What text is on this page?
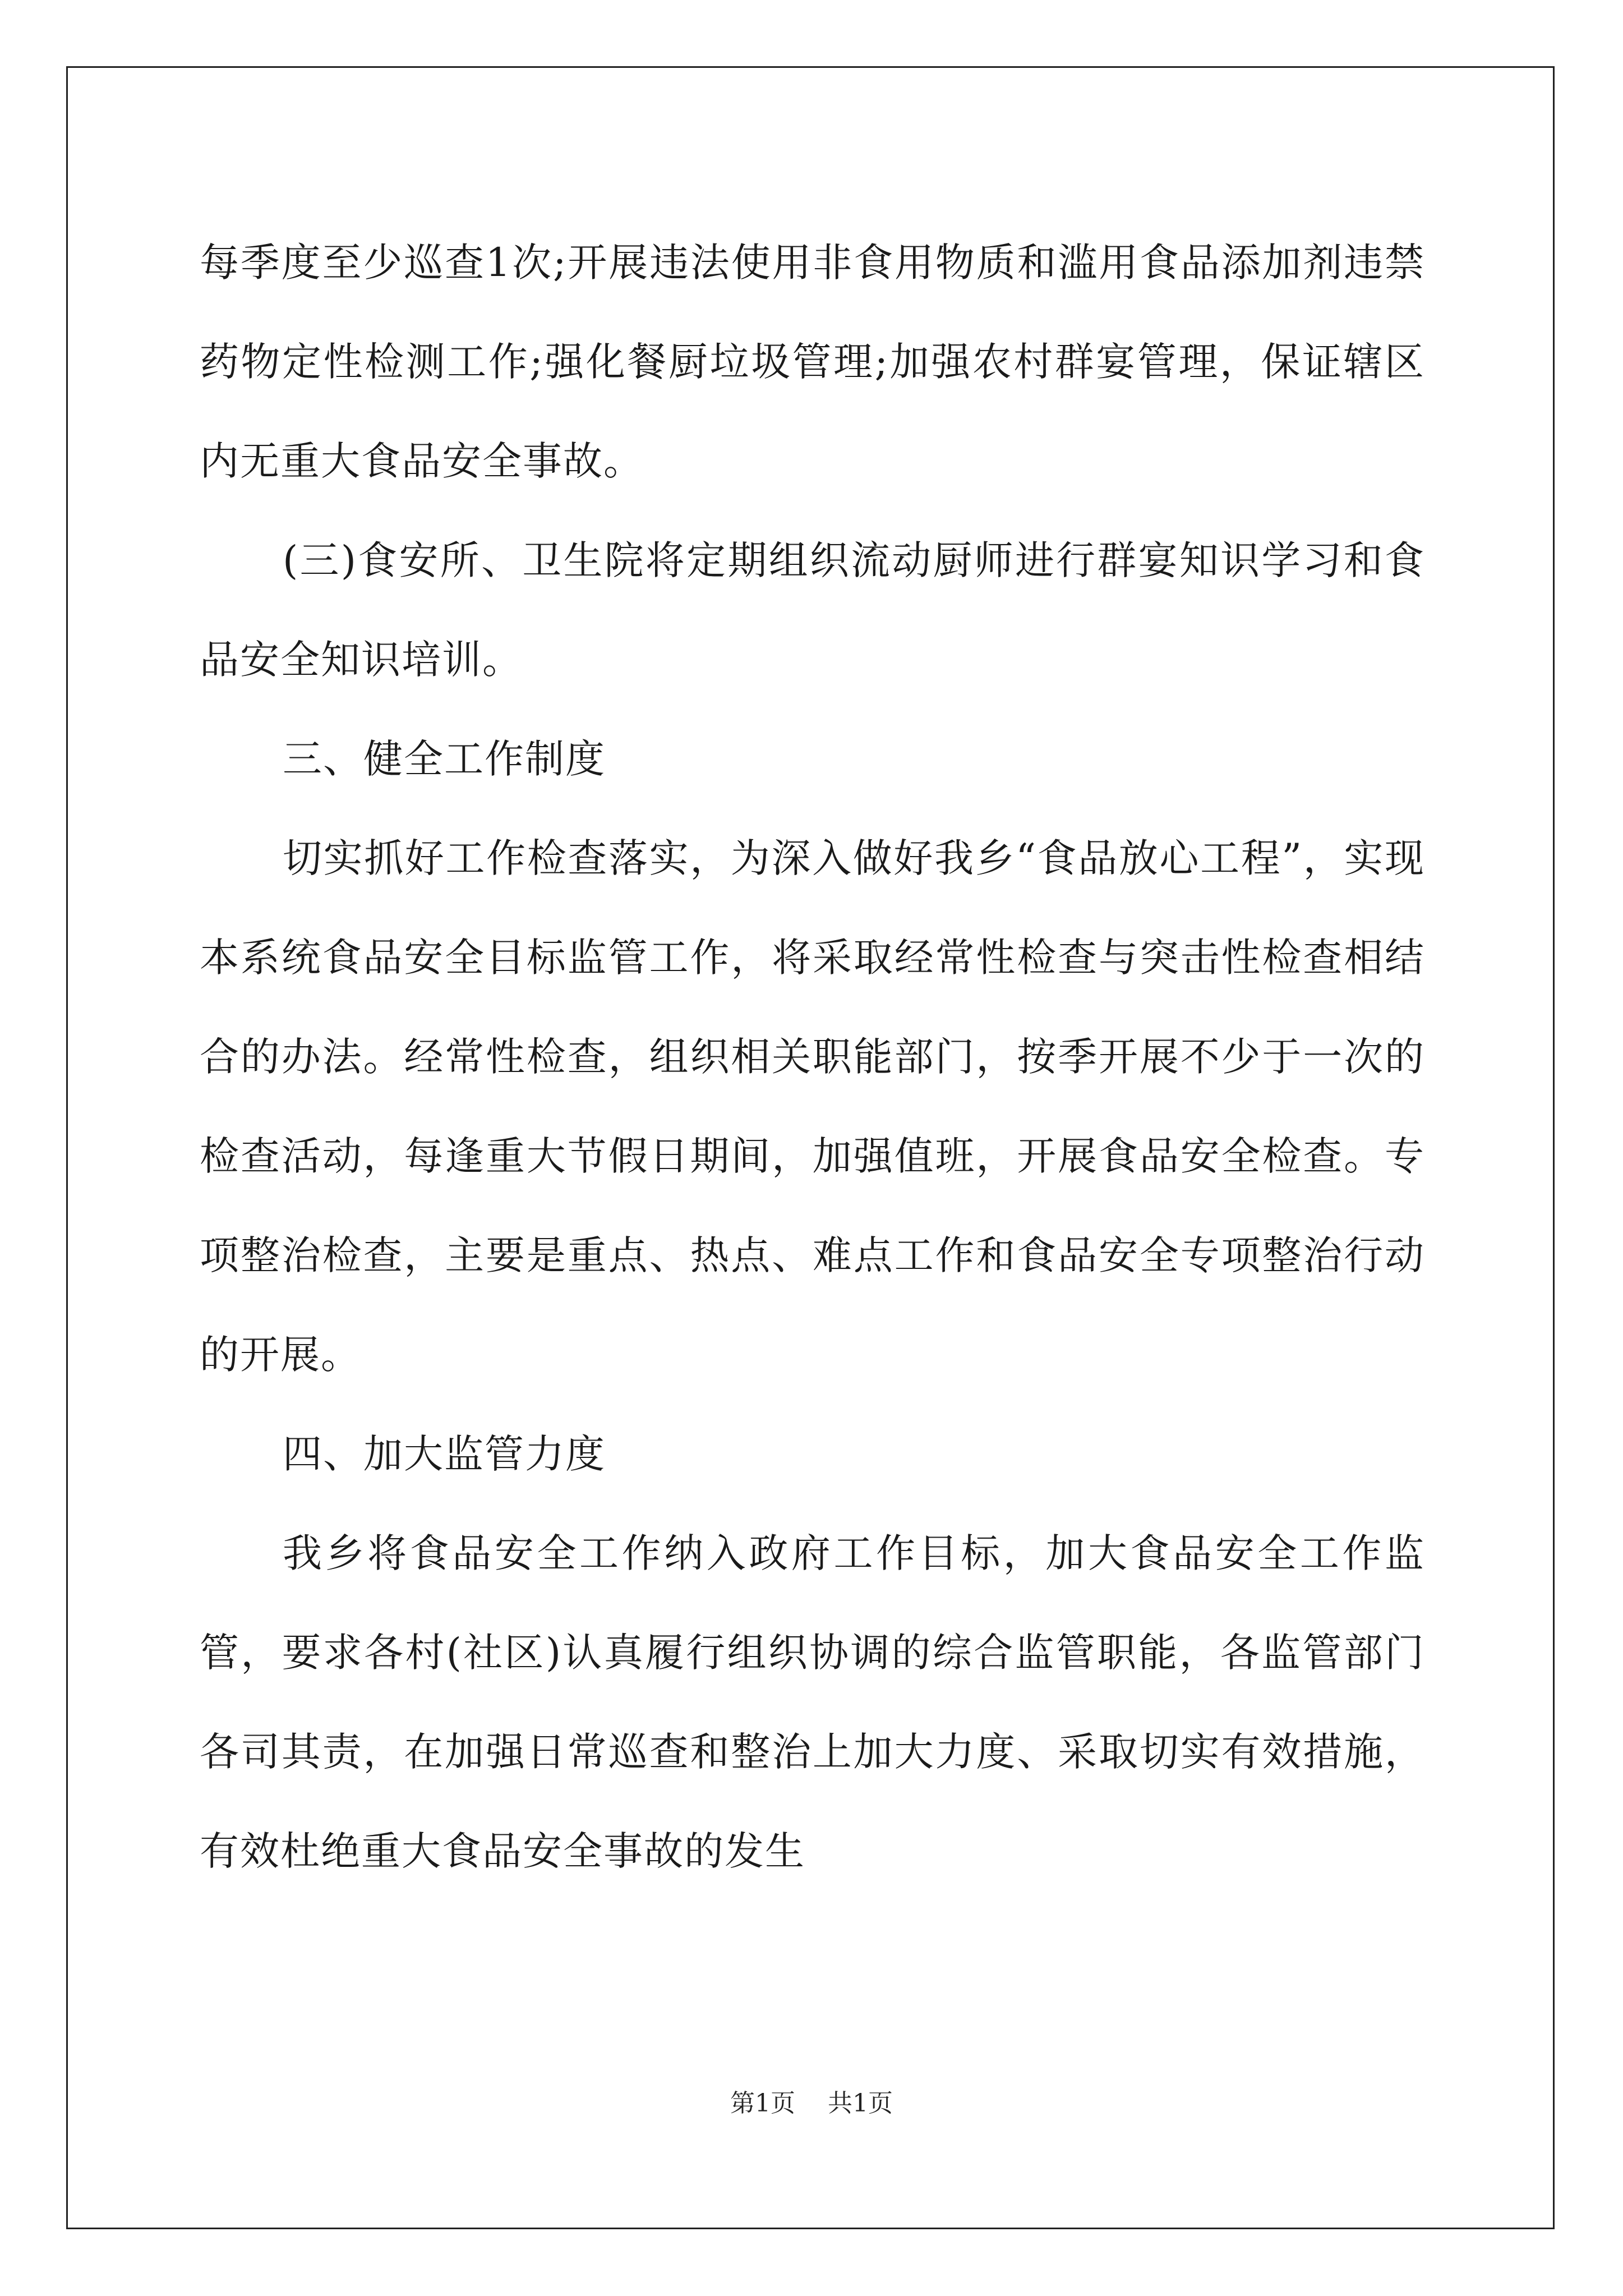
每季度至少巡查1次;开展违法使用非食用物质和滥用食品添加剂违禁药物定性检测工作;强化餐厨垃圾管理;加强农村群宴管理，保证辖区内无重大食品安全事故。

(三)食安所、卫生院将定期组织流动厨师进行群宴知识学习和食品安全知识培训。

三、健全工作制度

切实抓好工作检查落实，为深入做好我乡“食品放心工程”，实现本系统食品安全目标监管工作，将采取经常性检查与突击性检查相结合的办法。经常性检查，组织相关职能部门，按季开展不少于一次的检查活动，每逢重大节假日期间，加强值班，开展食品安全检查。专项整治检查，主要是重点、热点、难点工作和食品安全专项整治行动的开展。

四、加大监管力度

我乡将食品安全工作纳入政府工作目标，加大食品安全工作监管，要求各村(社区)认真履行组织协调的综合监管职能，各监管部门各司其责，在加强日常巡查和整治上加大力度、采取切实有效措施，有效杜绝重大食品安全事故的发生

第1页 共1页
